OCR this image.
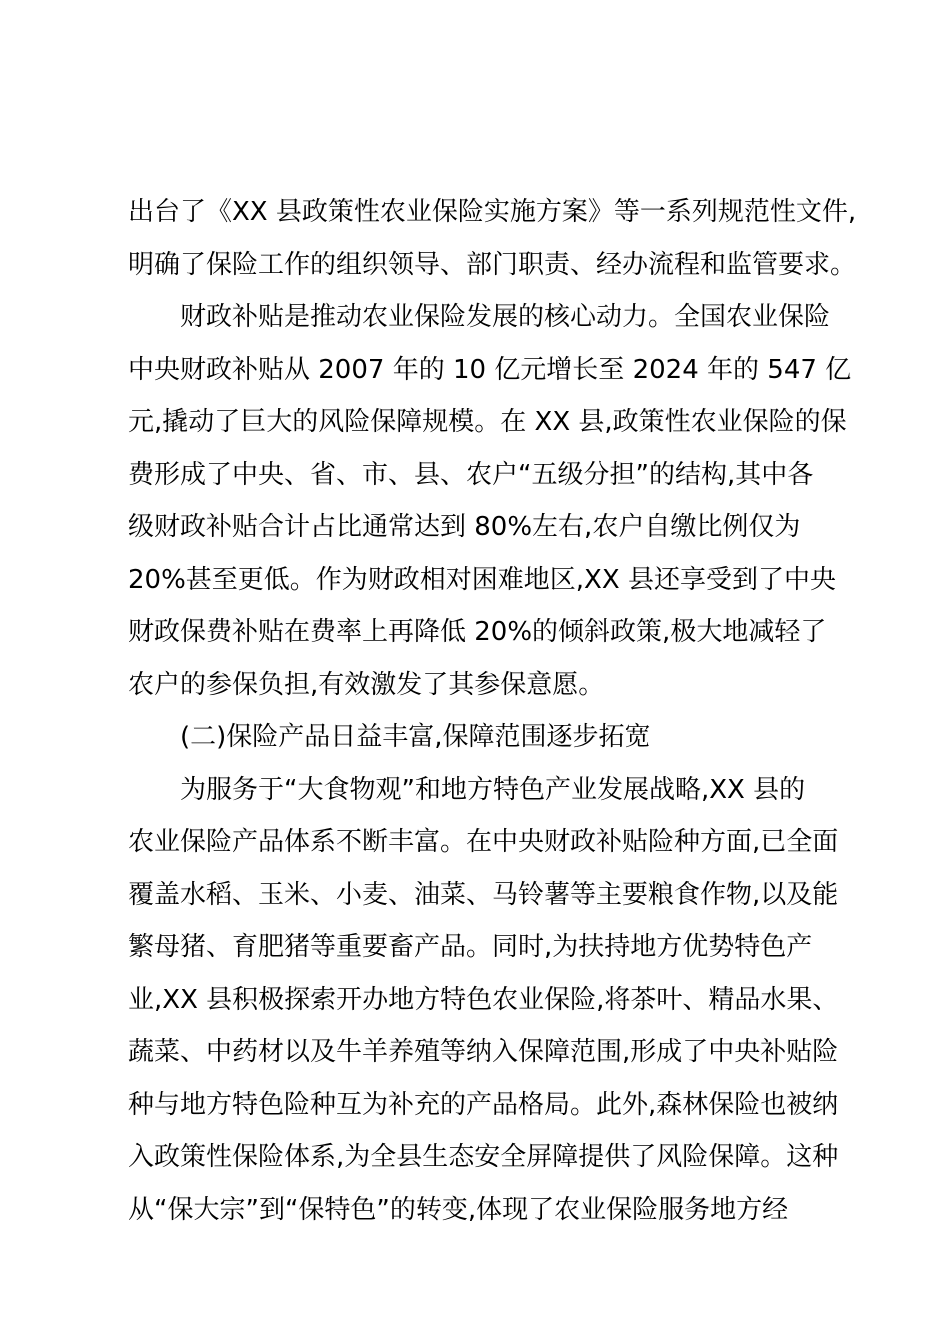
出台了《XX 县政策性农业保险实施方案》等一系列规范性文件,
明确了保险工作的组织领导、部门职责、经办流程和监管要求。
财政补贴是推动农业保险发展的核心动力。全国农业保险
中央财政补贴从 2007 年的 10 亿元增长至 2024 年的 547 亿
元,撬动了巨大的风险保障规模。在 XX 县,政策性农业保险的保
费形成了中央、省、市、县、农户“五级分担”的结构,其中各
级财政补贴合计占比通常达到 80%左右,农户自缴比例仅为
20%甚至更低。作为财政相对困难地区,XX 县还享受到了中央
财政保费补贴在费率上再降低 20%的倾斜政策,极大地减轻了
农户的参保负担,有效激发了其参保意愿。
(二)保险产品日益丰富,保障范围逐步拓宽
为服务于“大食物观”和地方特色产业发展战略,XX 县的
农业保险产品体系不断丰富。在中央财政补贴险种方面,已全面
覆盖水稻、玉米、小麦、油菜、马铃薯等主要粮食作物,以及能
繁母猪、育肥猪等重要畜产品。同时,为扶持地方优势特色产
业,XX 县积极探索开办地方特色农业保险,将茶叶、精品水果、
蔬菜、中药材以及牛羊养殖等纳入保障范围,形成了中央补贴险
种与地方特色险种互为补充的产品格局。此外,森林保险也被纳
入政策性保险体系,为全县生态安全屏障提供了风险保障。这种
从“保大宗”到“保特色”的转变,体现了农业保险服务地方经
